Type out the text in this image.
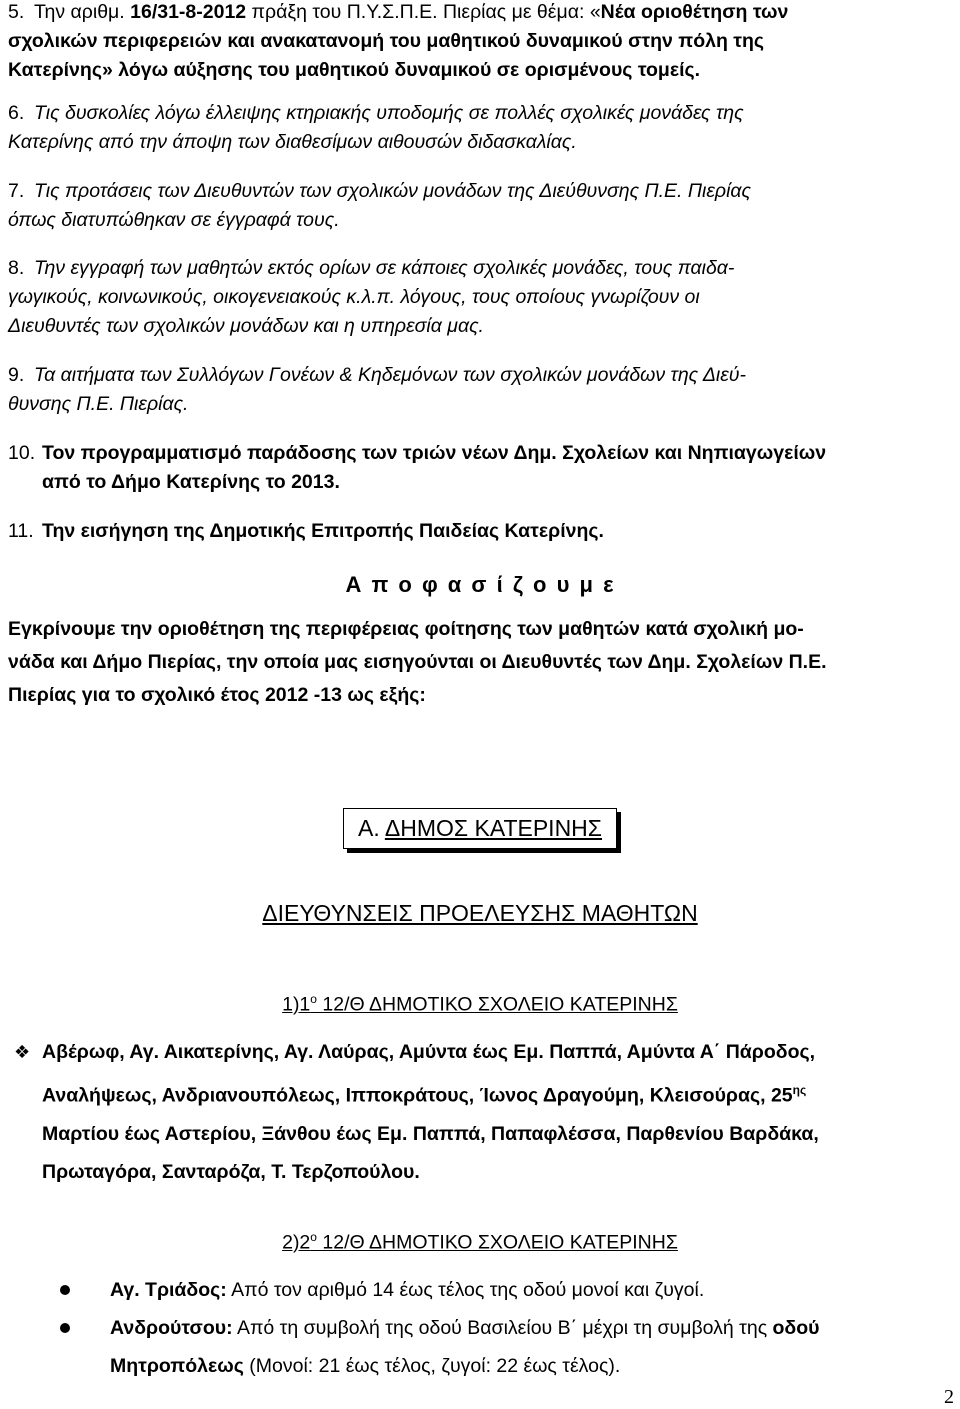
5. Την αριθμ. 16/31-8-2012 πράξη του Π.Υ.Σ.Π.Ε. Πιερίας με θέμα: «Νέα οριοθέτηση των
σχολικών περιφερειών και ανακατανομή του μαθητικού δυναμικού στην πόλη της
Κατερίνης» λόγω αύξησης του μαθητικού δυναμικού σε ορισμένους τομείς.
6. Τις δυσκολίες λόγω έλλειψης κτηριακής υποδομής σε πολλές σχολικές μονάδες της
Κατερίνης από την άποψη των διαθεσίμων αιθουσών διδασκαλίας.
7. Τις προτάσεις των Διευθυντών των σχολικών μονάδων της Διεύθυνσης Π.Ε. Πιερίας
όπως διατυπώθηκαν σε έγγραφά τους.
8. Την εγγραφή των μαθητών εκτός ορίων σε κάποιες σχολικές μονάδες, τους παιδα-
γωγικούς, κοινωνικούς, οικογενειακούς κ.λ.π. λόγους, τους οποίους γνωρίζουν οι
Διευθυντές των σχολικών μονάδων και η υπηρεσία μας.
9. Τα αιτήματα των Συλλόγων Γονέων & Κηδεμόνων των σχολικών μονάδων της Διεύ-
θυνσης Π.Ε. Πιερίας.
10. Τον προγραμματισμό παράδοσης των τριών νέων Δημ. Σχολείων και Νηπιαγωγείων
από το Δήμο Κατερίνης το 2013.
11. Την εισήγηση της Δημοτικής Επιτροπής Παιδείας Κατερίνης.
Α π ο φ α σ ί ζ ο υ μ ε
Εγκρίνουμε την οριοθέτηση της περιφέρειας φοίτησης των μαθητών κατά σχολική μο-
νάδα και Δήμο Πιερίας, την οποία μας εισηγούνται οι Διευθυντές των Δημ. Σχολείων Π.Ε.
Πιερίας για το σχολικό έτος 2012 -13 ως εξής:
Α. ΔΗΜΟΣ ΚΑΤΕΡΙΝΗΣ
ΔΙΕΥΘΥΝΣΕΙΣ ΠΡΟΕΛΕΥΣΗΣ ΜΑΘΗΤΩΝ
$1)1^o$ 12/Θ ΔΗΜΟΤΙΚΟ ΣΧΟΛΕΙΟ ΚΑΤΕΡΙΝΗΣ
❖ Αβέρωφ, Αγ. Αικατερίνης, Αγ. Λαύρας, Αμύντα έως Εμ. Παππά, Αμύντα Α΄ Πάροδος,
Αναλήψεως, Ανδριανουπόλεως, Ιπποκράτους, Ίωνος Δραγούμη, Κλεισούρας, $25^{\eta\varsigma}$
Μαρτίου έως Αστερίου, Ξάνθου έως Εμ. Παππά, Παπαφλέσσα, Παρθενίου Βαρδάκα,
Πρωταγόρα, Σανταρόζα, Τ. Τερζοπούλου.
$2)2^o$ 12/Θ ΔΗΜΟΤΙΚΟ ΣΧΟΛΕΙΟ ΚΑΤΕΡΙΝΗΣ
Αγ. Τριάδος: Από τον αριθμό 14 έως τέλος της οδού μονοί και ζυγοί.
Ανδρούτσου: Από τη συμβολή της οδού Βασιλείου Β΄ μέχρι τη συμβολή της οδού
Μητροπόλεως (Μονοί: 21 έως τέλος, ζυγοί: 22 έως τέλος).
2
